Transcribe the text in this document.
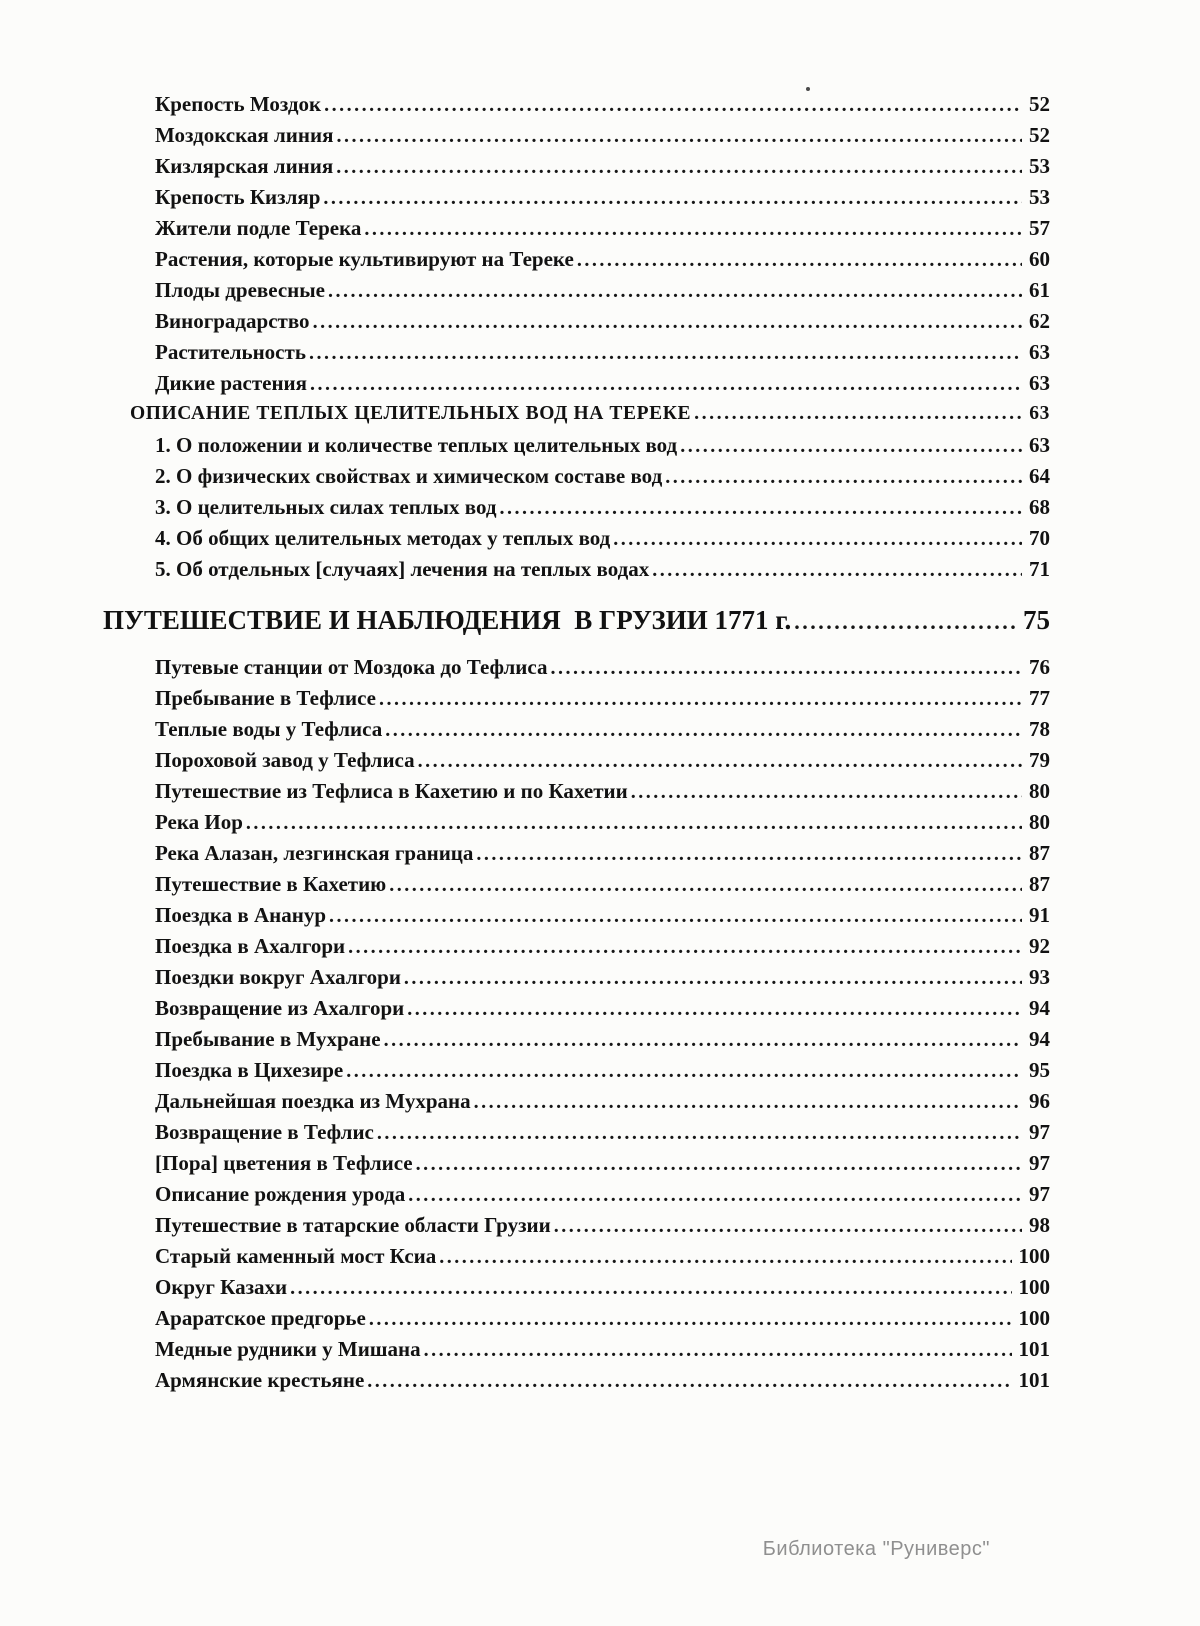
Крепость Моздок .....	52
Моздокская линия .....	52
Кизлярская линия .....	53
Крепость Кизляр .....	53
Жители подле Терека .....	57
Растения, которые культивируют на Тереке .....	60
Плоды древесные .....	61
Виноградарство .....	62
Растительность .....	63
Дикие растения .....	63
ОПИСАНИЕ ТЕПЛЫХ ЦЕЛИТЕЛЬНЫХ ВОД НА ТЕРЕКЕ .....	63
1. О положении и количестве теплых целительных вод .....	63
2. О физических свойствах и химическом составе вод .....	64
3. О целительных силах теплых вод .....	68
4. Об общих целительных методах у теплых вод .....	70
5. Об отдельных [случаях] лечения на теплых водах .....	71
ПУТЕШЕСТВИЕ И НАБЛЮДЕНИЯ  В ГРУЗИИ 1771 г. .....	75
Путевые станции от Моздока до Тефлиса .....	76
Пребывание в Тефлисе .....	77
Теплые воды у Тефлиса .....	78
Пороховой завод у Тефлиса .....	79
Путешествие из Тефлиса в Кахетию и по Кахетии .....	80
Река Иор .....	80
Река Алазан, лезгинская граница .....	87
Путешествие в Кахетию .....	87
Поездка в Ананур .....	91
Поездка в Ахалгори .....	92
Поездки вокруг Ахалгори .....	93
Возвращение из Ахалгори .....	94
Пребывание в Мухране .....	94
Поездка в Цихезире .....	95
Дальнейшая поездка из Мухрана .....	96
Возвращение в Тефлис .....	97
[Пора] цветения в Тефлисе .....	97
Описание рождения урода .....	97
Путешествие в татарские области Грузии .....	98
Старый каменный мост Ксиа .....	100
Округ Казахи .....	100
Араратское предгорье .....	100
Медные рудники у Мишана .....	101
Армянские крестьяне .....	101
Библиотека "Руниверс"
